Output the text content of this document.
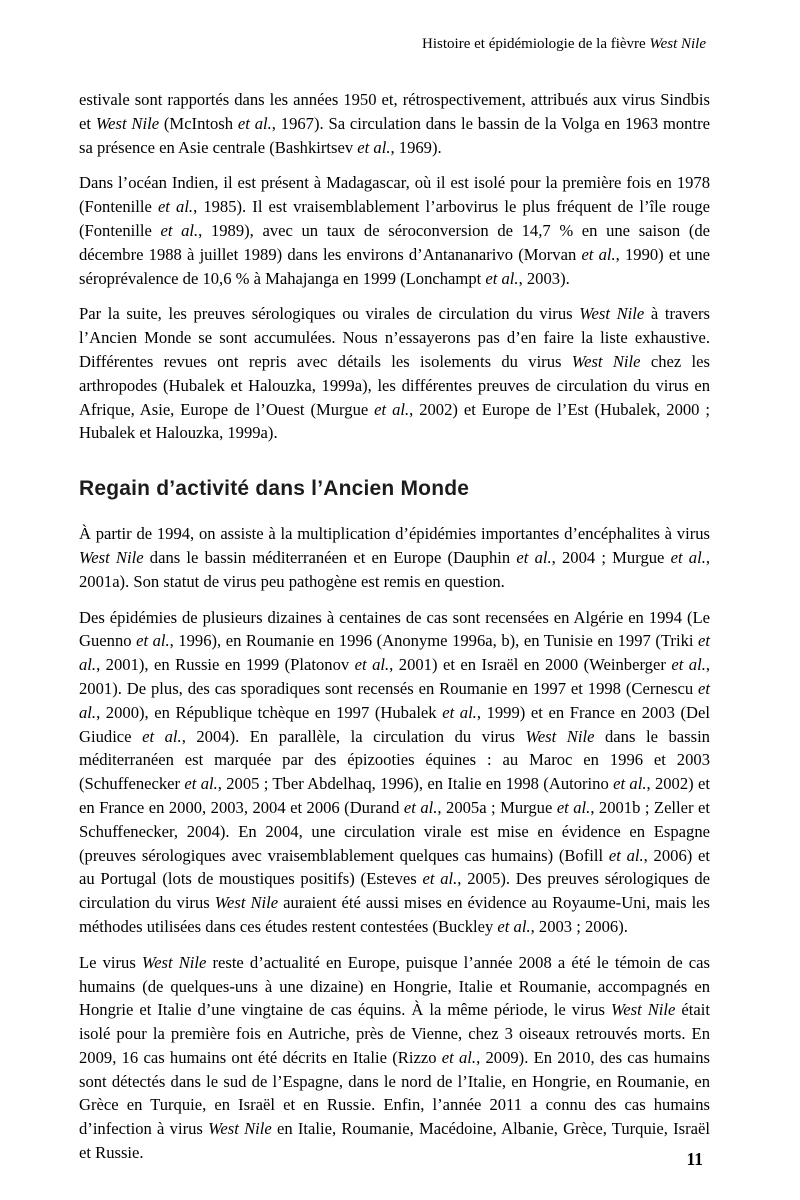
Histoire et épidémiologie de la fièvre West Nile

estivale sont rapportés dans les années 1950 et, rétrospectivement, attribués aux virus Sindbis et West Nile (McIntosh et al., 1967). Sa circulation dans le bassin de la Volga en 1963 montre sa présence en Asie centrale (Bashkirtsev et al., 1969).

Dans l’océan Indien, il est présent à Madagascar, où il est isolé pour la première fois en 1978 (Fontenille et al., 1985). Il est vraisemblablement l’arbovirus le plus fréquent de l’île rouge (Fontenille et al., 1989), avec un taux de séroconversion de 14,7 % en une saison (de décembre 1988 à juillet 1989) dans les environs d’Antananarivo (Morvan et al., 1990) et une séroprévalence de 10,6 % à Mahajanga en 1999 (Lonchampt et al., 2003).

Par la suite, les preuves sérologiques ou virales de circulation du virus West Nile à travers l’Ancien Monde se sont accumulées. Nous n’essayerons pas d’en faire la liste exhaustive. Différentes revues ont repris avec détails les isolements du virus West Nile chez les arthropodes (Hubalek et Halouzka, 1999a), les différentes preuves de circulation du virus en Afrique, Asie, Europe de l’Ouest (Murgue et al., 2002) et Europe de l’Est (Hubalek, 2000 ; Hubalek et Halouzka, 1999a).

Regain d’activité dans l’Ancien Monde

À partir de 1994, on assiste à la multiplication d’épidémies importantes d’encéphalites à virus West Nile dans le bassin méditerranéen et en Europe (Dauphin et al., 2004 ; Murgue et al., 2001a). Son statut de virus peu pathogène est remis en question.

Des épidémies de plusieurs dizaines à centaines de cas sont recensées en Algérie en 1994 (Le Guenno et al., 1996), en Roumanie en 1996 (Anonyme 1996a, b), en Tunisie en 1997 (Triki et al., 2001), en Russie en 1999 (Platonov et al., 2001) et en Israël en 2000 (Weinberger et al., 2001). De plus, des cas sporadiques sont recensés en Roumanie en 1997 et 1998 (Cernescu et al., 2000), en République tchèque en 1997 (Hubalek et al., 1999) et en France en 2003 (Del Giudice et al., 2004). En parallèle, la circulation du virus West Nile dans le bassin méditerranéen est marquée par des épizooties équines : au Maroc en 1996 et 2003 (Schuffenecker et al., 2005 ; Tber Abdelhaq, 1996), en Italie en 1998 (Autorino et al., 2002) et en France en 2000, 2003, 2004 et 2006 (Durand et al., 2005a ; Murgue et al., 2001b ; Zeller et Schuffenecker, 2004). En 2004, une circulation virale est mise en évidence en Espagne (preuves sérologiques avec vraisemblablement quelques cas humains) (Bofill et al., 2006) et au Portugal (lots de moustiques positifs) (Esteves et al., 2005). Des preuves sérologiques de circulation du virus West Nile auraient été aussi mises en évidence au Royaume-Uni, mais les méthodes utilisées dans ces études restent contestées (Buckley et al., 2003 ; 2006).

Le virus West Nile reste d’actualité en Europe, puisque l’année 2008 a été le témoin de cas humains (de quelques-uns à une dizaine) en Hongrie, Italie et Roumanie, accompagnés en Hongrie et Italie d’une vingtaine de cas équins. À la même période, le virus West Nile était isolé pour la première fois en Autriche, près de Vienne, chez 3 oiseaux retrouvés morts. En 2009, 16 cas humains ont été décrits en Italie (Rizzo et al., 2009). En 2010, des cas humains sont détectés dans le sud de l’Espagne, dans le nord de l’Italie, en Hongrie, en Roumanie, en Grèce en Turquie, en Israël et en Russie. Enfin, l’année 2011 a connu des cas humains d’infection à virus West Nile en Italie, Roumanie, Macédoine, Albanie, Grèce, Turquie, Israël et Russie.	11
